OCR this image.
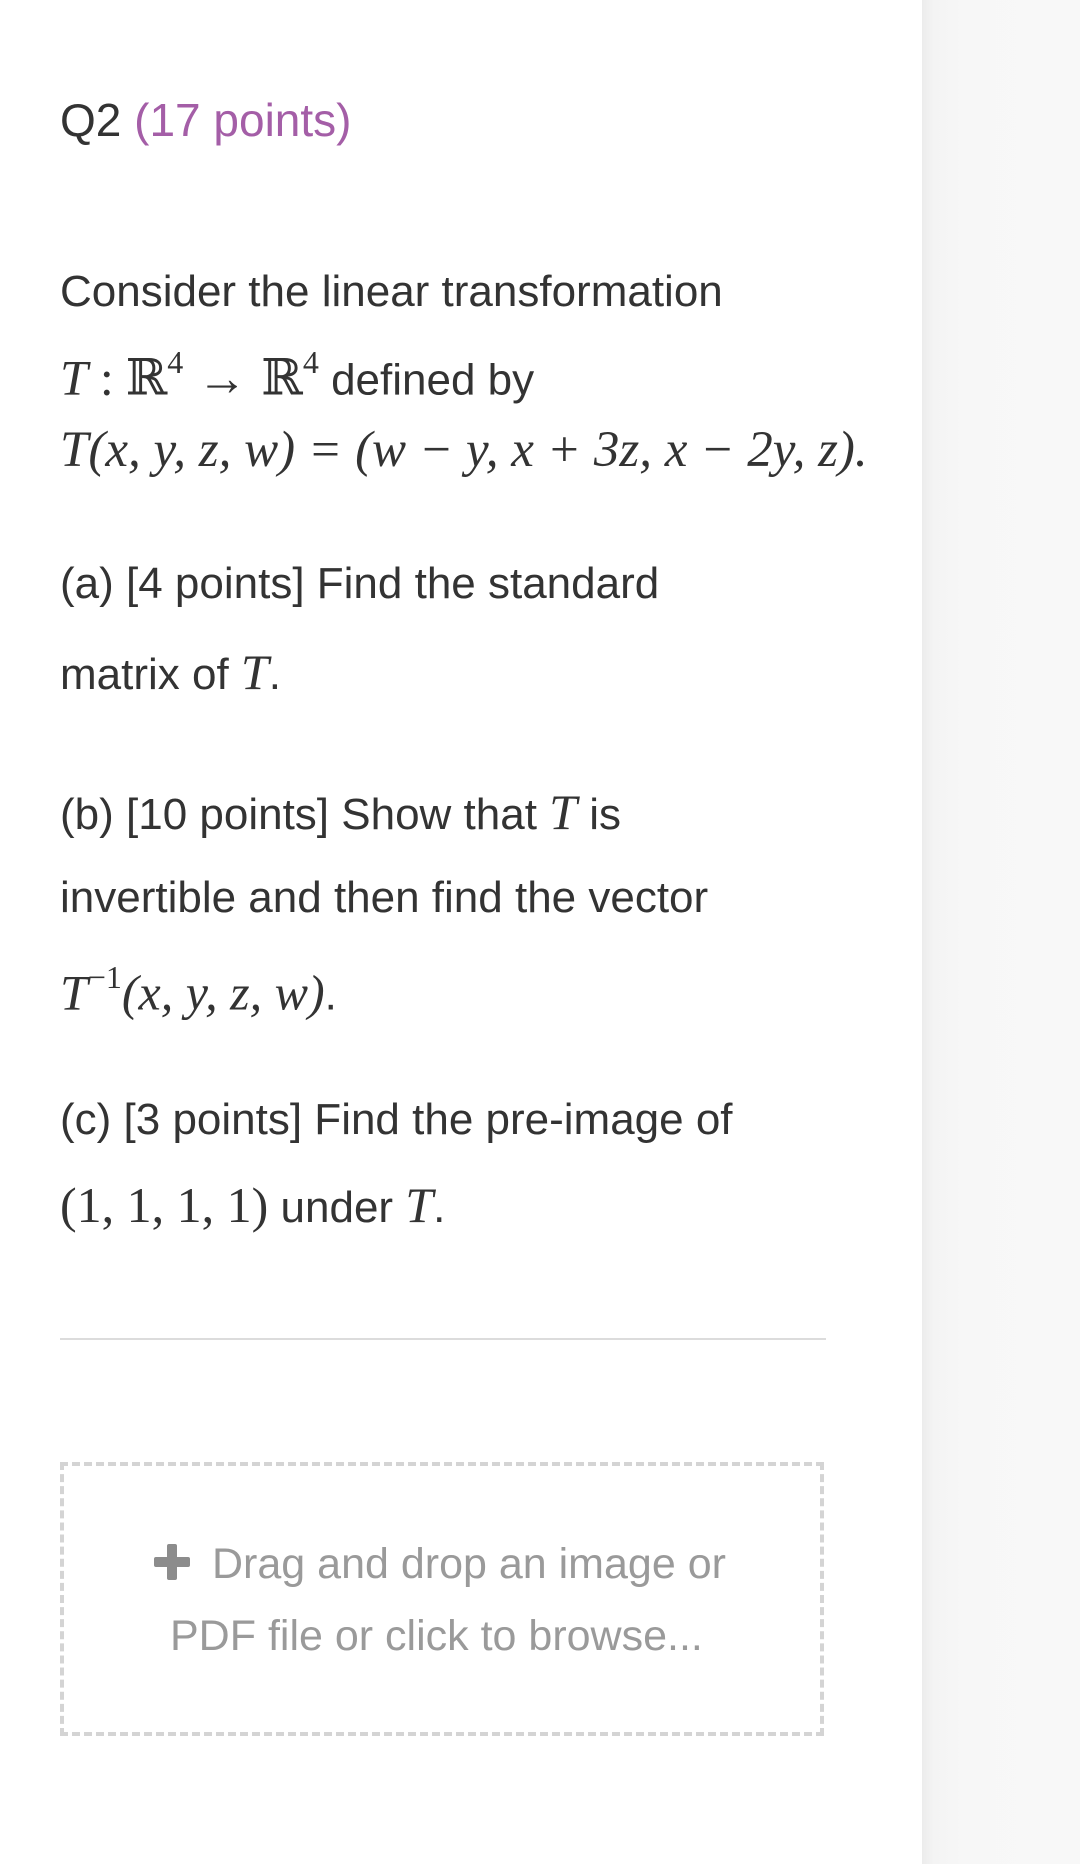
Q2 (17 points)
Consider the linear transformation
T : ℝ$^4$ → ℝ$^4$ defined by
T(x, y, z, w) = (w − y, x + 3z, x − 2y, z).
(a) [4 points] Find the standard
matrix of T.
(b) [10 points] Show that T is
invertible and then find the vector
$T^{-1}(x$, y, z, w).
(c) [3 points] Find the pre-image of
(1, 1, 1, 1) under T.
Drag and drop an image or
PDF file or click to browse...
